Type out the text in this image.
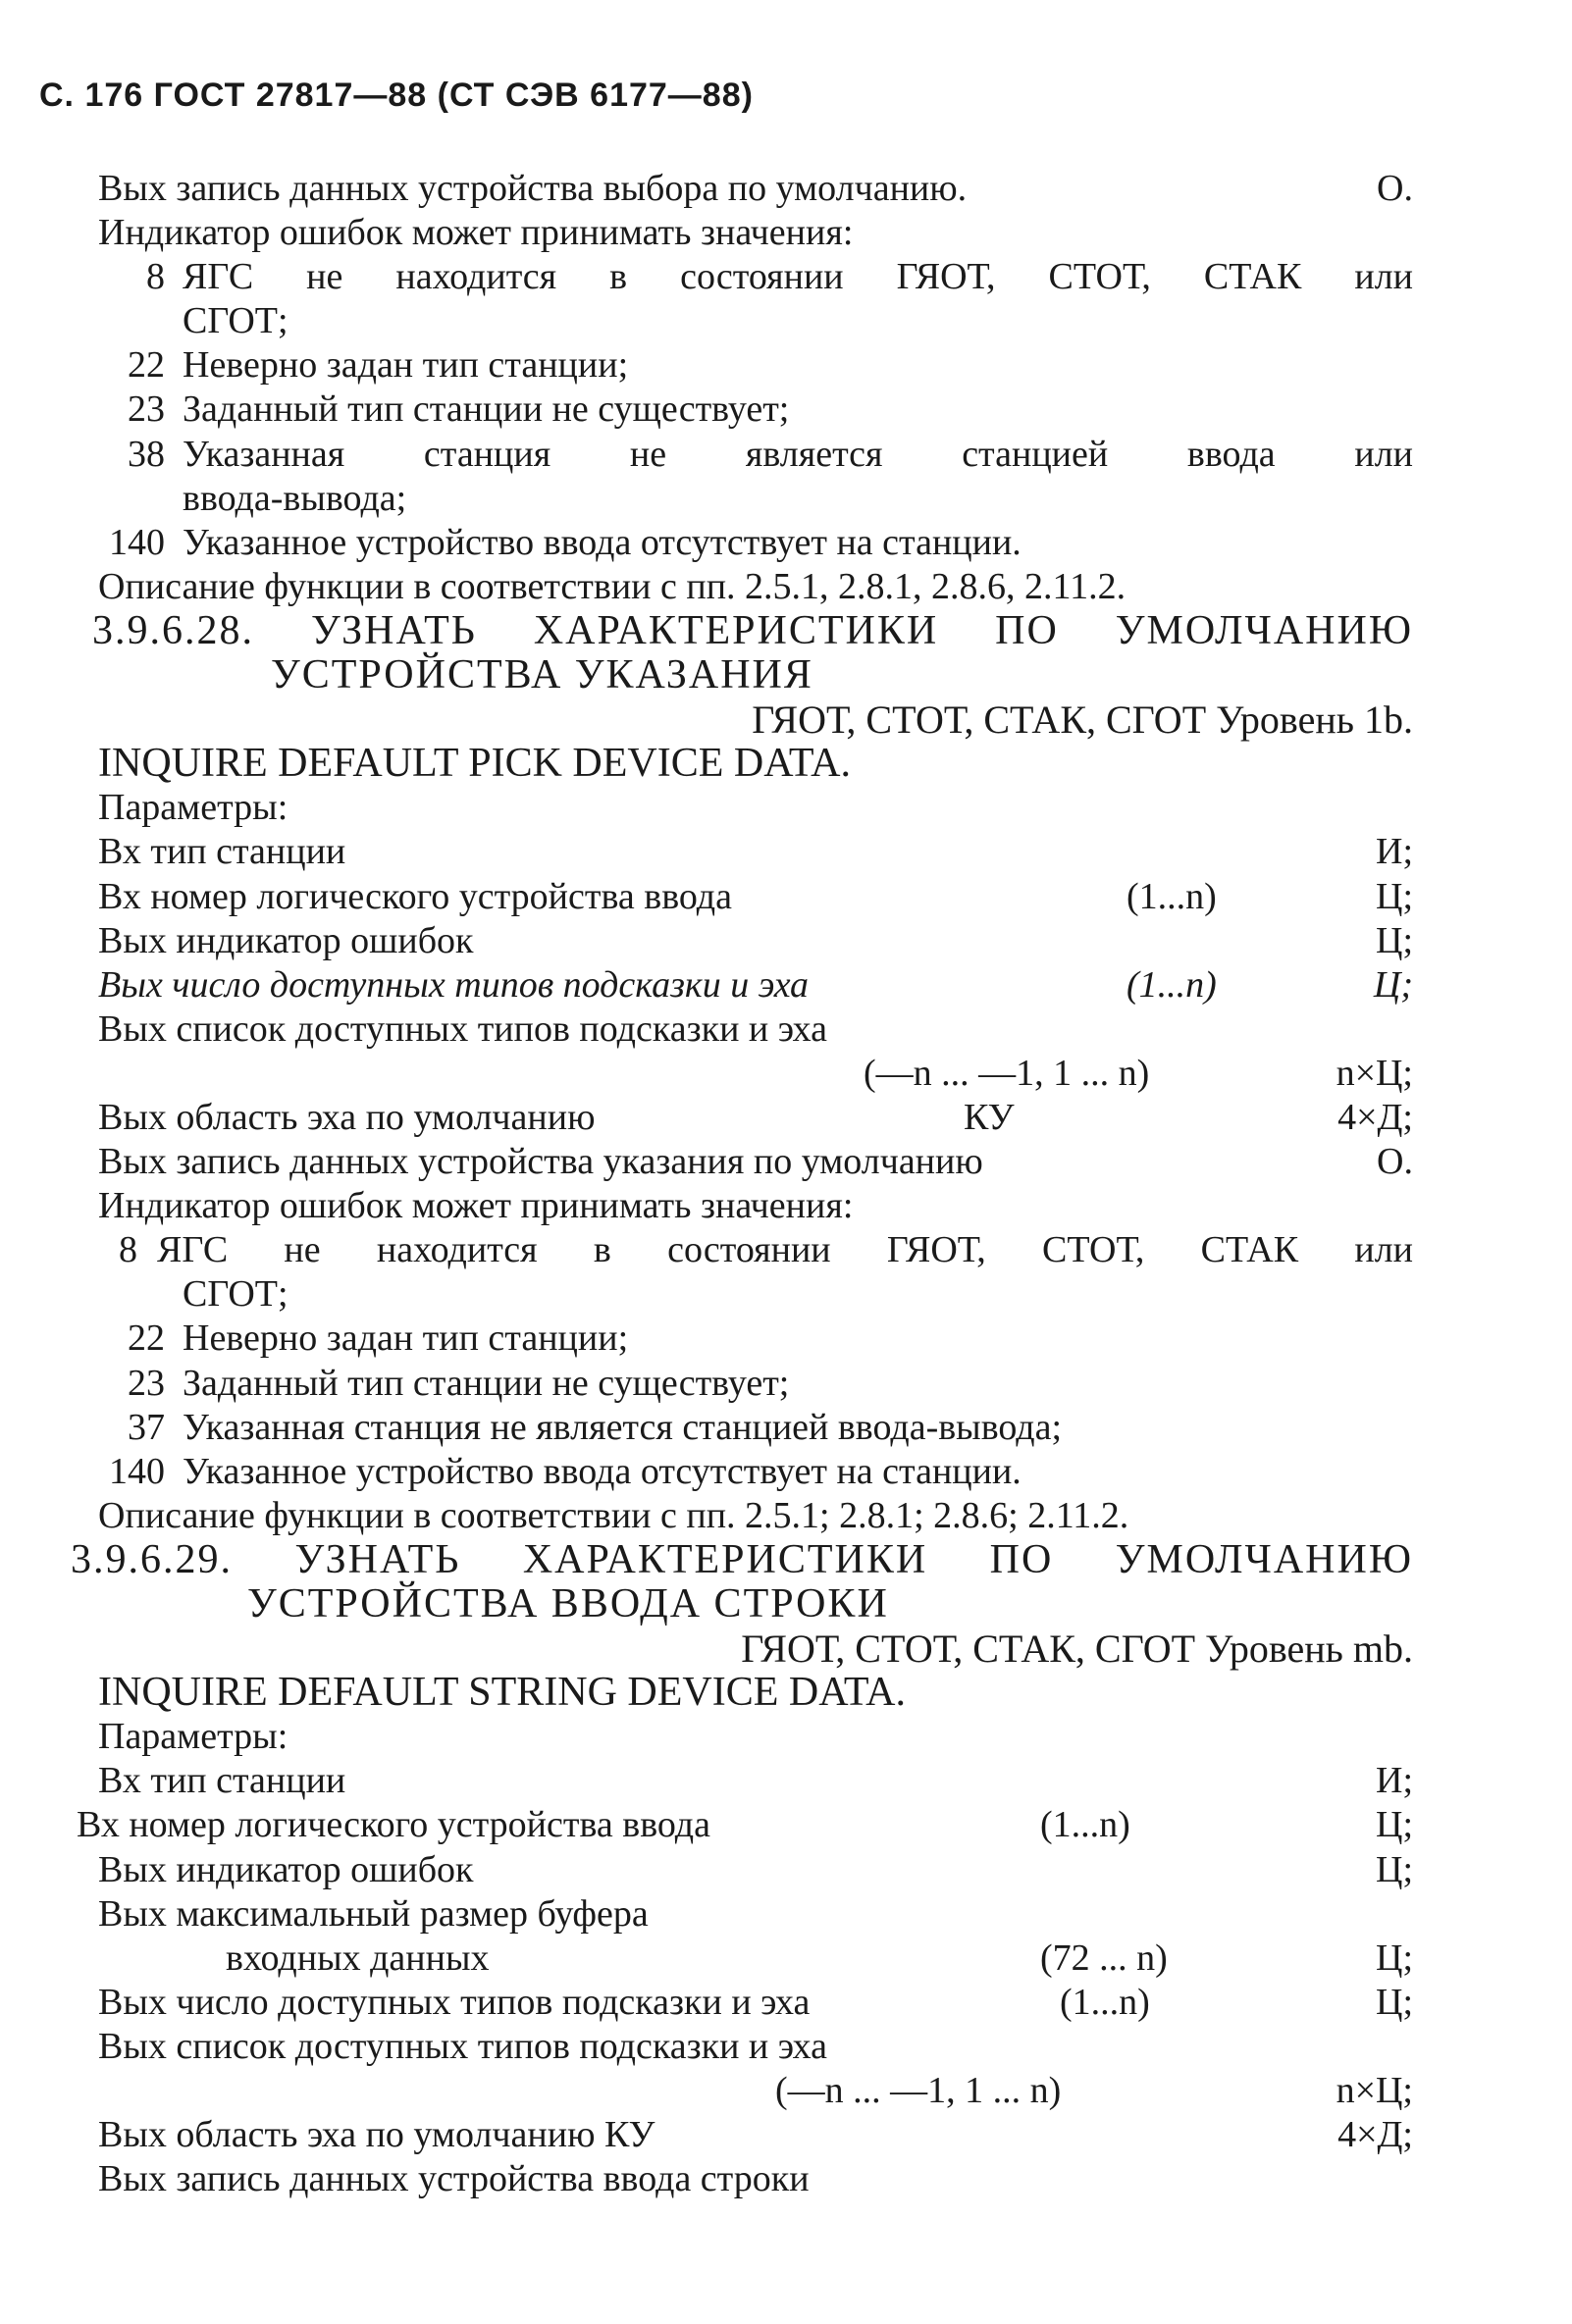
С. 176 ГОСТ 27817—88 (СТ СЭВ 6177—88)
Вых запись данных устройства выбора по умолчанию.	О.
Индикатор ошибок может принимать значения:
8 ЯГС не находится в состоянии ГЯОТ, СТОТ, СТАК или
СГОТ;
22 Неверно задан тип станции;
23 Заданный тип станции не существует;
38 Указанная станция не является станцией ввода или
ввода-вывода;
140 Указанное устройство ввода отсутствует на станции.
Описание функции в соответствии с пп. 2.5.1, 2.8.1, 2.8.6, 2.11.2.
3.9.6.28. УЗНАТЬ ХАРАКТЕРИСТИКИ ПО УМОЛЧАНИЮ
УСТРОЙСТВА УКАЗАНИЯ
ГЯОТ, СТОТ, СТАК, СГОТ Уровень 1b.
INQUIRE DEFAULT PICK DEVICE DATA.
Параметры:
Вх тип станции	И;
Вх номер логического устройства ввода	(1...n)	Ц;
Вых индикатор ошибок	Ц;
Вых число доступных типов подсказки и эха	(1...n)	Ц;
Вых список доступных типов подсказки и эха
(—n ... —1, 1 ... n)	n×Ц;
Вых область эха по умолчанию	КУ	4×Д;
Вых запись данных устройства указания по умолчанию	О.
Индикатор ошибок может принимать значения:
8 ЯГС не находится в состоянии ГЯОТ, СТОТ, СТАК или
СГОТ;
22 Неверно задан тип станции;
23 Заданный тип станции не существует;
37 Указанная станция не является станцией ввода-вывода;
140 Указанное устройство ввода отсутствует на станции.
Описание функции в соответствии с пп. 2.5.1; 2.8.1; 2.8.6; 2.11.2.
3.9.6.29. УЗНАТЬ ХАРАКТЕРИСТИКИ ПО УМОЛЧАНИЮ
УСТРОЙСТВА ВВОДА СТРОКИ
ГЯОТ, СТОТ, СТАК, СГОТ Уровень mb.
INQUIRE DEFAULT STRING DEVICE DATA.
Параметры:
Вх тип станции	И;
Вх номер логического устройства ввода	(1...n)	Ц;
Вых индикатор ошибок	Ц;
Вых максимальный размер буфера
входных данных	(72 ... n)	Ц;
Вых число доступных типов подсказки и эха	(1...n)	Ц;
Вых список доступных типов подсказки и эха
(—n ... —1, 1 ... n)	n×Ц;
Вых область эха по умолчанию КУ	4×Д;
Вых запись данных устройства ввода строки
